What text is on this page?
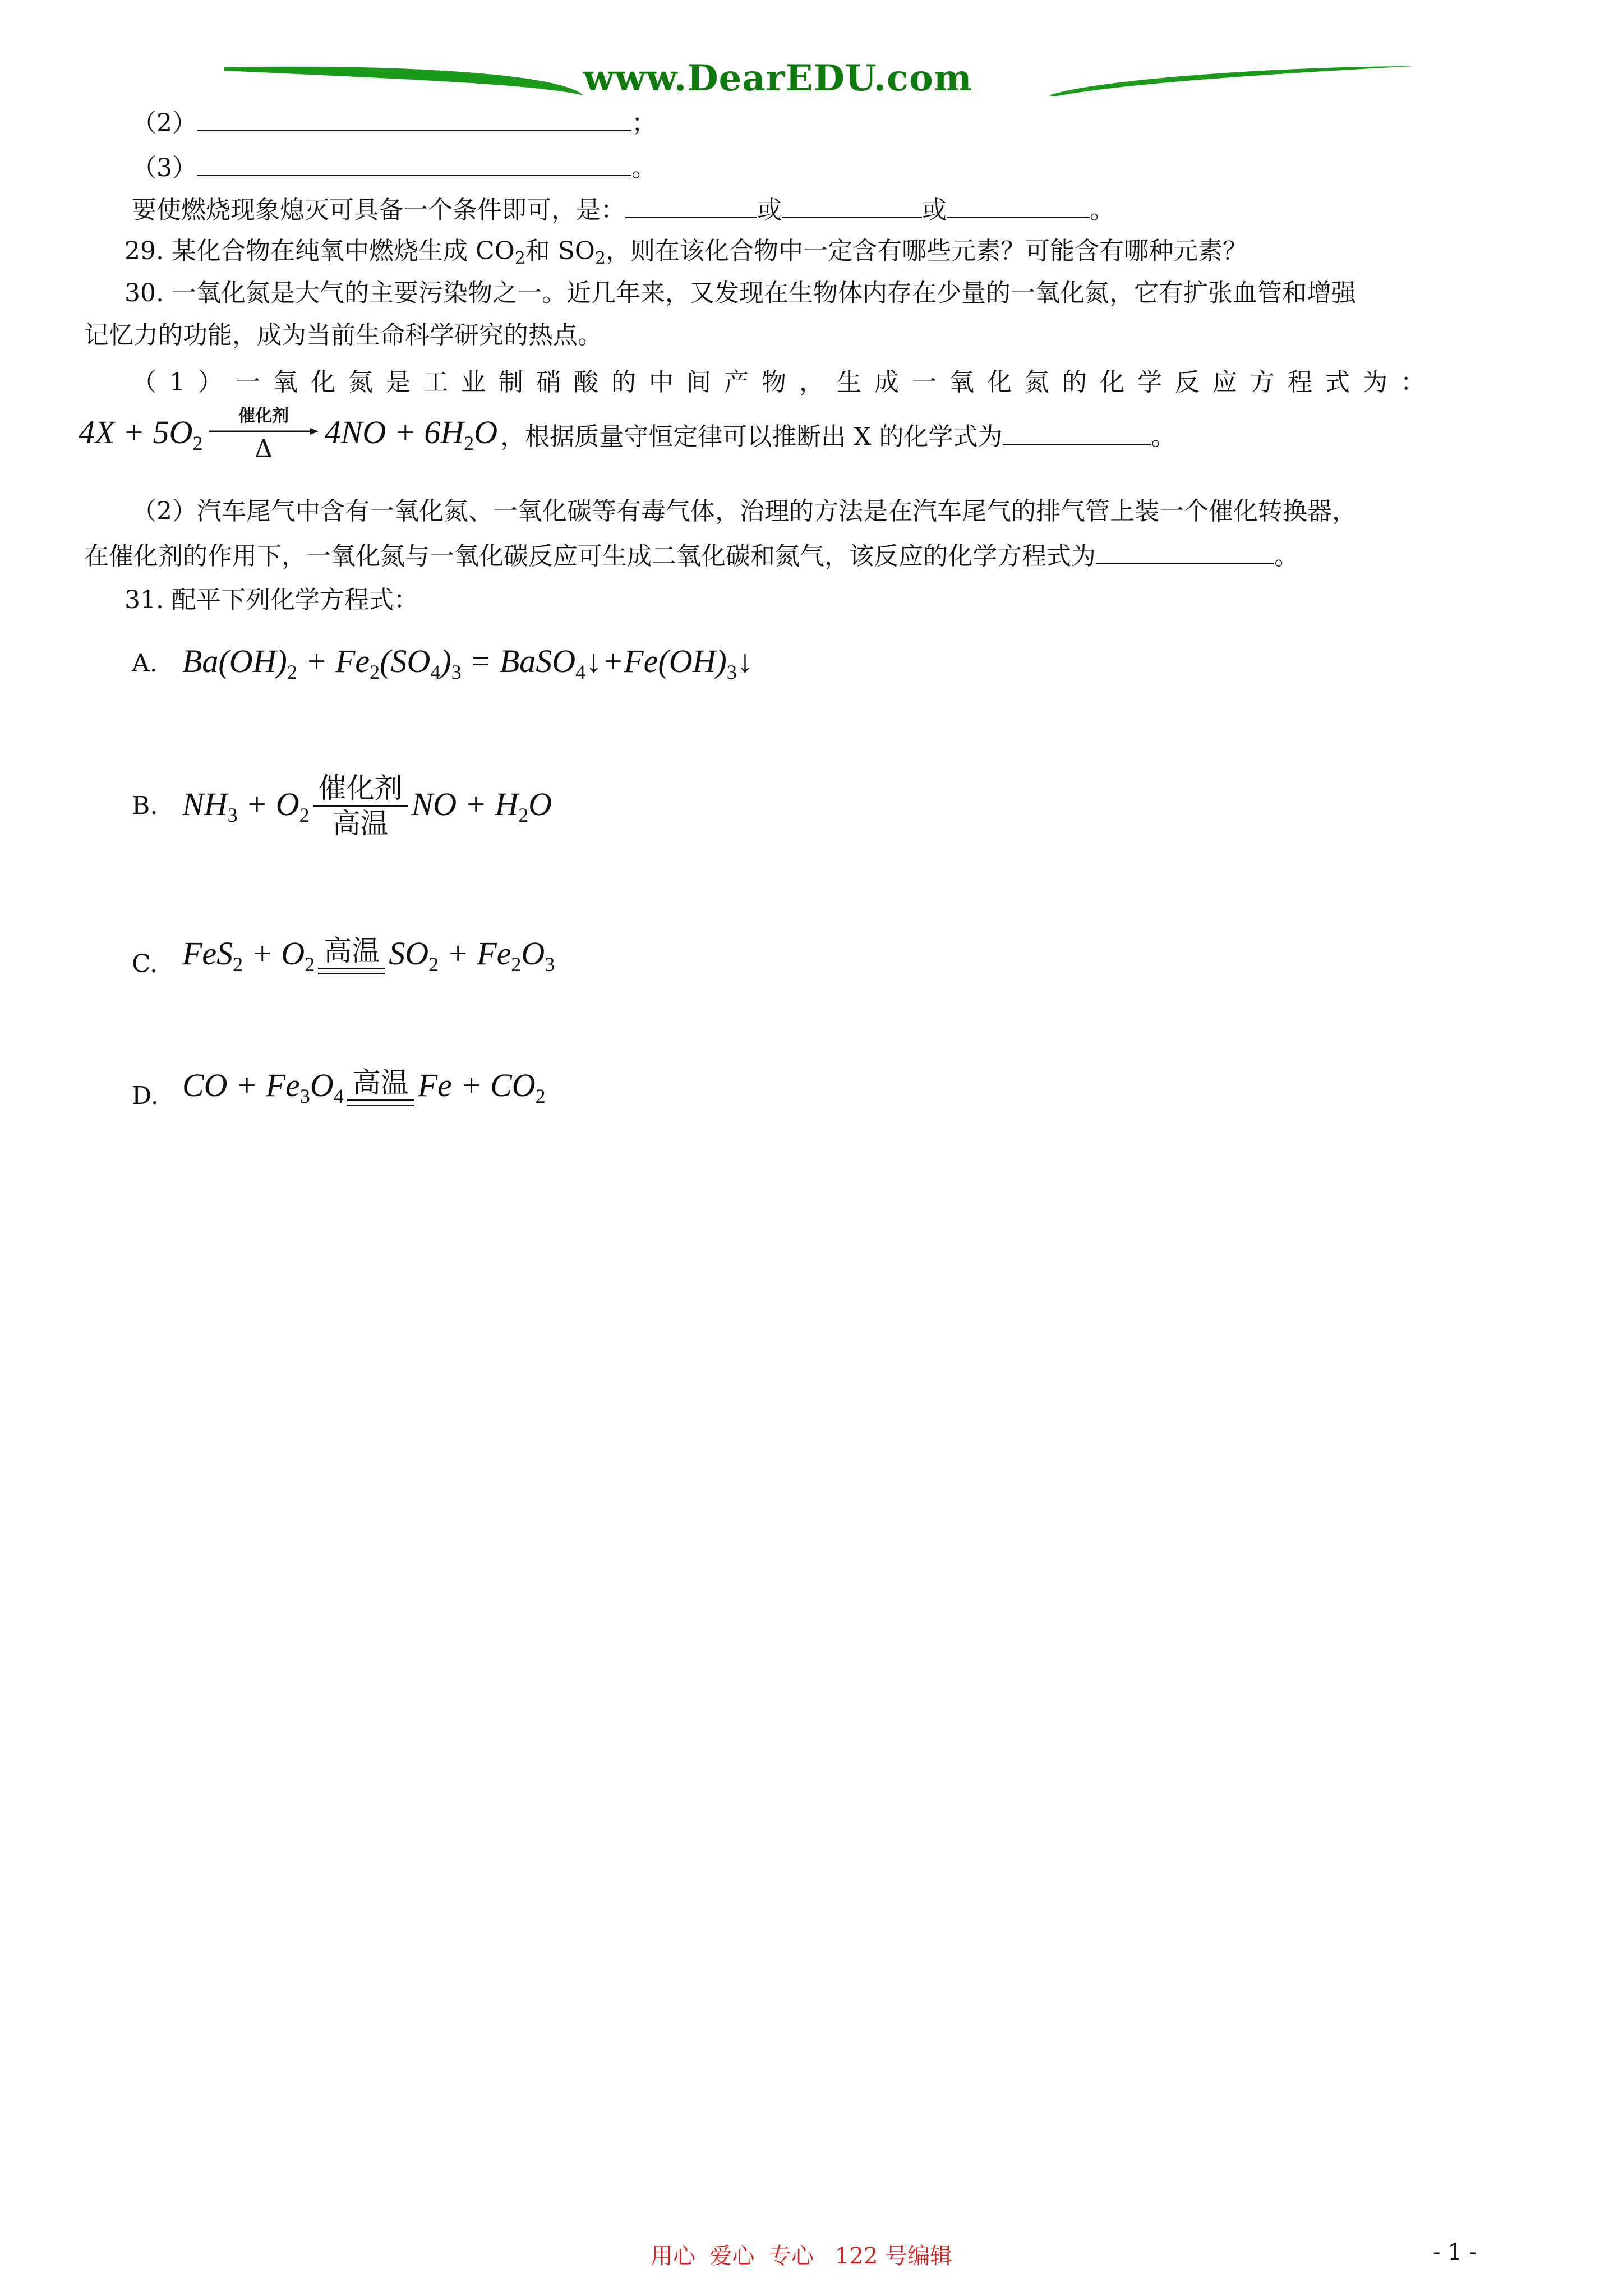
www.DearEDU.com
（2）	；
（3）	。
要使燃烧现象熄灭可具备一个条件即可，是：	或	或	。
29. 某化合物在纯氧中燃烧生成 $CO_2$和 $SO_2$，则在该化合物中一定含有哪些元素？可能含有哪种元素？
30. 一氧化氮是大气的主要污染物之一。近几年来，又发现在生物体内存在少量的一氧化氮，它有扩张血管和增强
记忆力的功能，成为当前生命科学研究的热点。
（1）一氧化氮是工业制硝酸的中间产物，生成一氧化氮的化学反应方程式为：
$4X + 5O_2$
催化剂
Δ	$4NO + 6H_2O$ ，根据质量守恒定律可以推断出 X 的化学式为	。
（2）汽车尾气中含有一氧化氮、一氧化碳等有毒气体，治理的方法是在汽车尾气的排气管上装一个催化转换器，
在催化剂的作用下，一氧化氮与一氧化碳反应可生成二氧化碳和氮气，该反应的化学方程式为	。
31. 配平下列化学方程式：
A. $Ba(OH)_2 + Fe_2(SO_4)_3$ = $BaSO_4↓+Fe(OH)_3↓$
B. $NH_3 + O_2 \frac{\text{催化剂}}{\text{高温}}$ NO + $H_2O$
C. $FeS_2 + O_2$ 高温 $SO_2 + Fe_2O_3$
D. CO + $Fe_3O_4$ 高温 $Fe + CO_2$
用心  爱心  专心   122 号编辑	- 1 -
